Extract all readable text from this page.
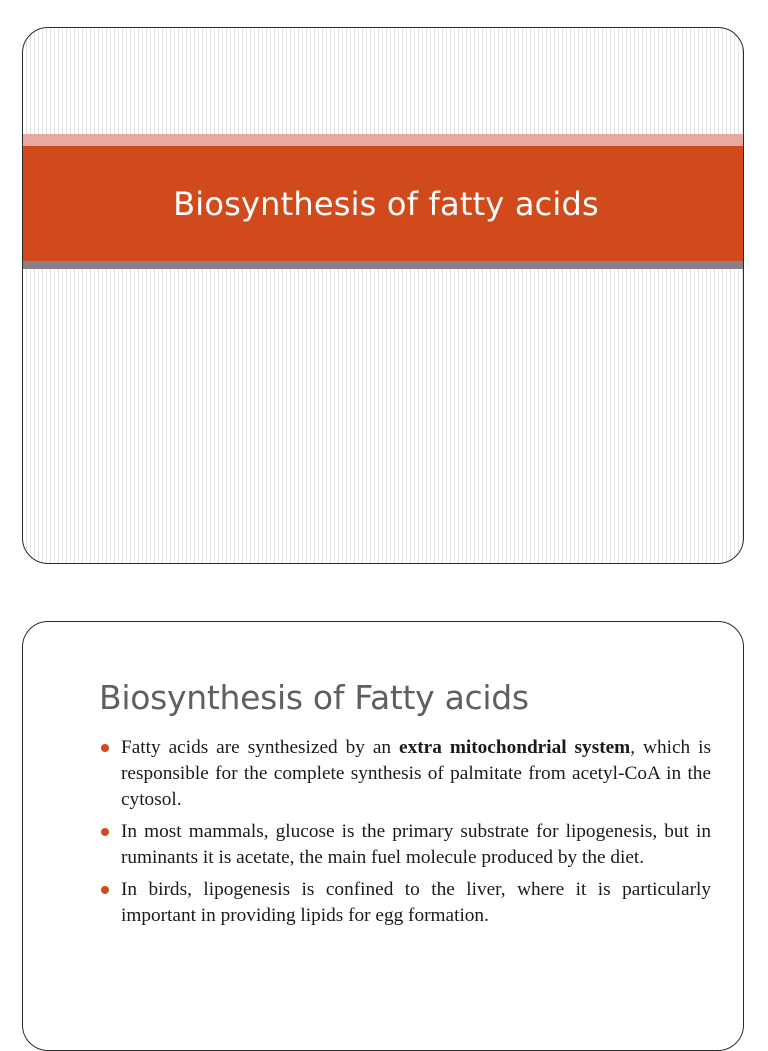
Biosynthesis of fatty acids
Biosynthesis of Fatty acids
Fatty acids are synthesized by an extra mitochondrial system, which is responsible for the complete synthesis of palmitate from acetyl-CoA in the cytosol.
In most mammals, glucose is the primary substrate for lipogenesis, but in ruminants it is acetate, the main fuel molecule produced by the diet.
In birds, lipogenesis is confined to the liver, where it is particularly important in providing lipids for egg formation.
